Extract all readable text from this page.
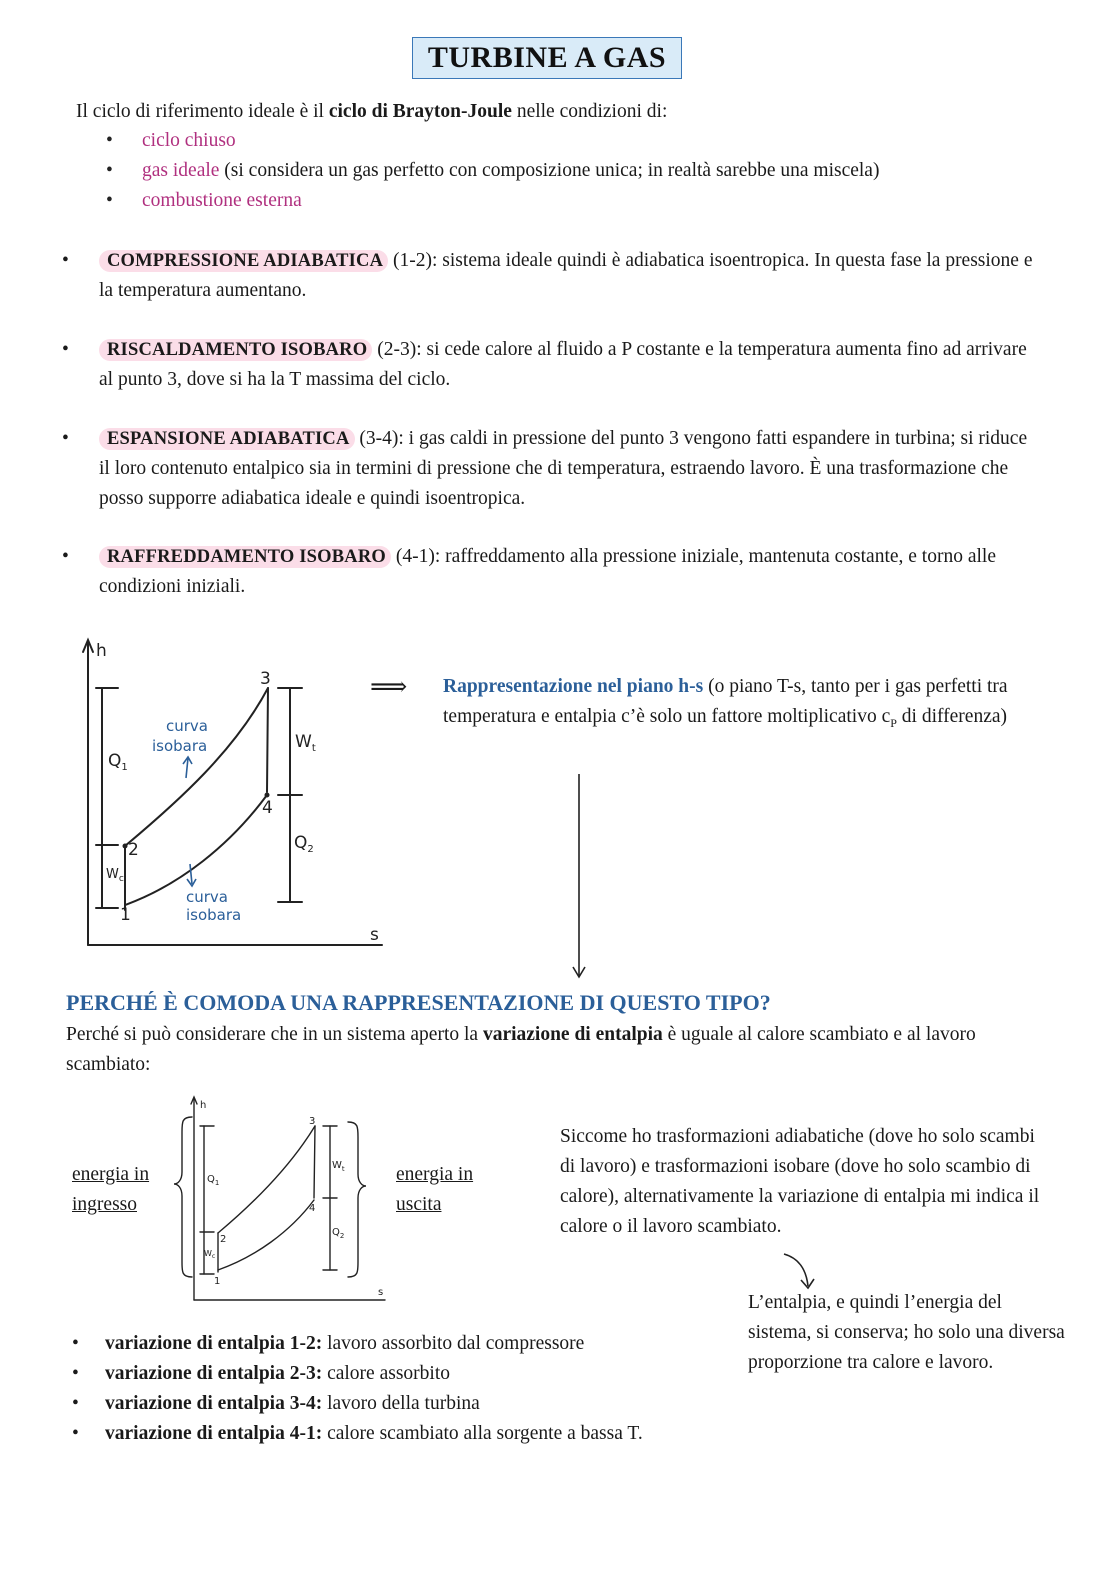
TURBINE A GAS
Il ciclo di riferimento ideale è il ciclo di Brayton-Joule nelle condizioni di:
• ciclo chiuso
• gas ideale (si considera un gas perfetto con composizione unica; in realtà sarebbe una miscela)
• combustione esterna
•	COMPRESSIONE ADIABATICA (1-2): sistema ideale quindi è adiabatica isoentropica. In questa fase la pressione e la temperatura aumentano.
•	RISCALDAMENTO ISOBARO (2-3): si cede calore al fluido a P costante e la temperatura aumenta fino ad arrivare al punto 3, dove si ha la T massima del ciclo.
•	ESPANSIONE ADIABATICA (3-4): i gas caldi in pressione del punto 3 vengono fatti espandere in turbina; si riduce il loro contenuto entalpico sia in termini di pressione che di temperatura, estraendo lavoro. È una trasformazione che posso supporre adiabatica ideale e quindi isoentropica.
•	RAFFREDDAMENTO ISOBARO (4-1): raffreddamento alla pressione iniziale, mantenuta costante, e torno alle condizioni iniziali.
h
s
1
2
3
4
$Q_1$
$Q_2$
$W_t$
$W_c$
curva
isobara
curva
isobara
⟹ Rappresentazione nel piano h-s (o piano T-s, tanto per i gas perfetti tra temperatura e entalpia c’è solo un fattore moltiplicativo $c_P$ di differenza)
PERCHÉ È COMODA UNA RAPPRESENTAZIONE DI QUESTO TIPO?
Perché si può considerare che in un sistema aperto la variazione di entalpia è uguale al calore scambiato e al lavoro scambiato:
energia in
ingresso
energia in
uscita
h
s
1
2
3
4
$Q_1$
$Q_2$
$W_t$
$W_c$
Siccome ho trasformazioni adiabatiche (dove ho solo scambi di lavoro) e trasformazioni isobare (dove ho solo scambio di calore), alternativamente la variazione di entalpia mi indica il calore o il lavoro scambiato.
L’entalpia, e quindi l’energia del sistema, si conserva; ho solo una diversa proporzione tra calore e lavoro.
• variazione di entalpia 1-2: lavoro assorbito dal compressore
• variazione di entalpia 2-3: calore assorbito
• variazione di entalpia 3-4: lavoro della turbina
• variazione di entalpia 4-1: calore scambiato alla sorgente a bassa T.
